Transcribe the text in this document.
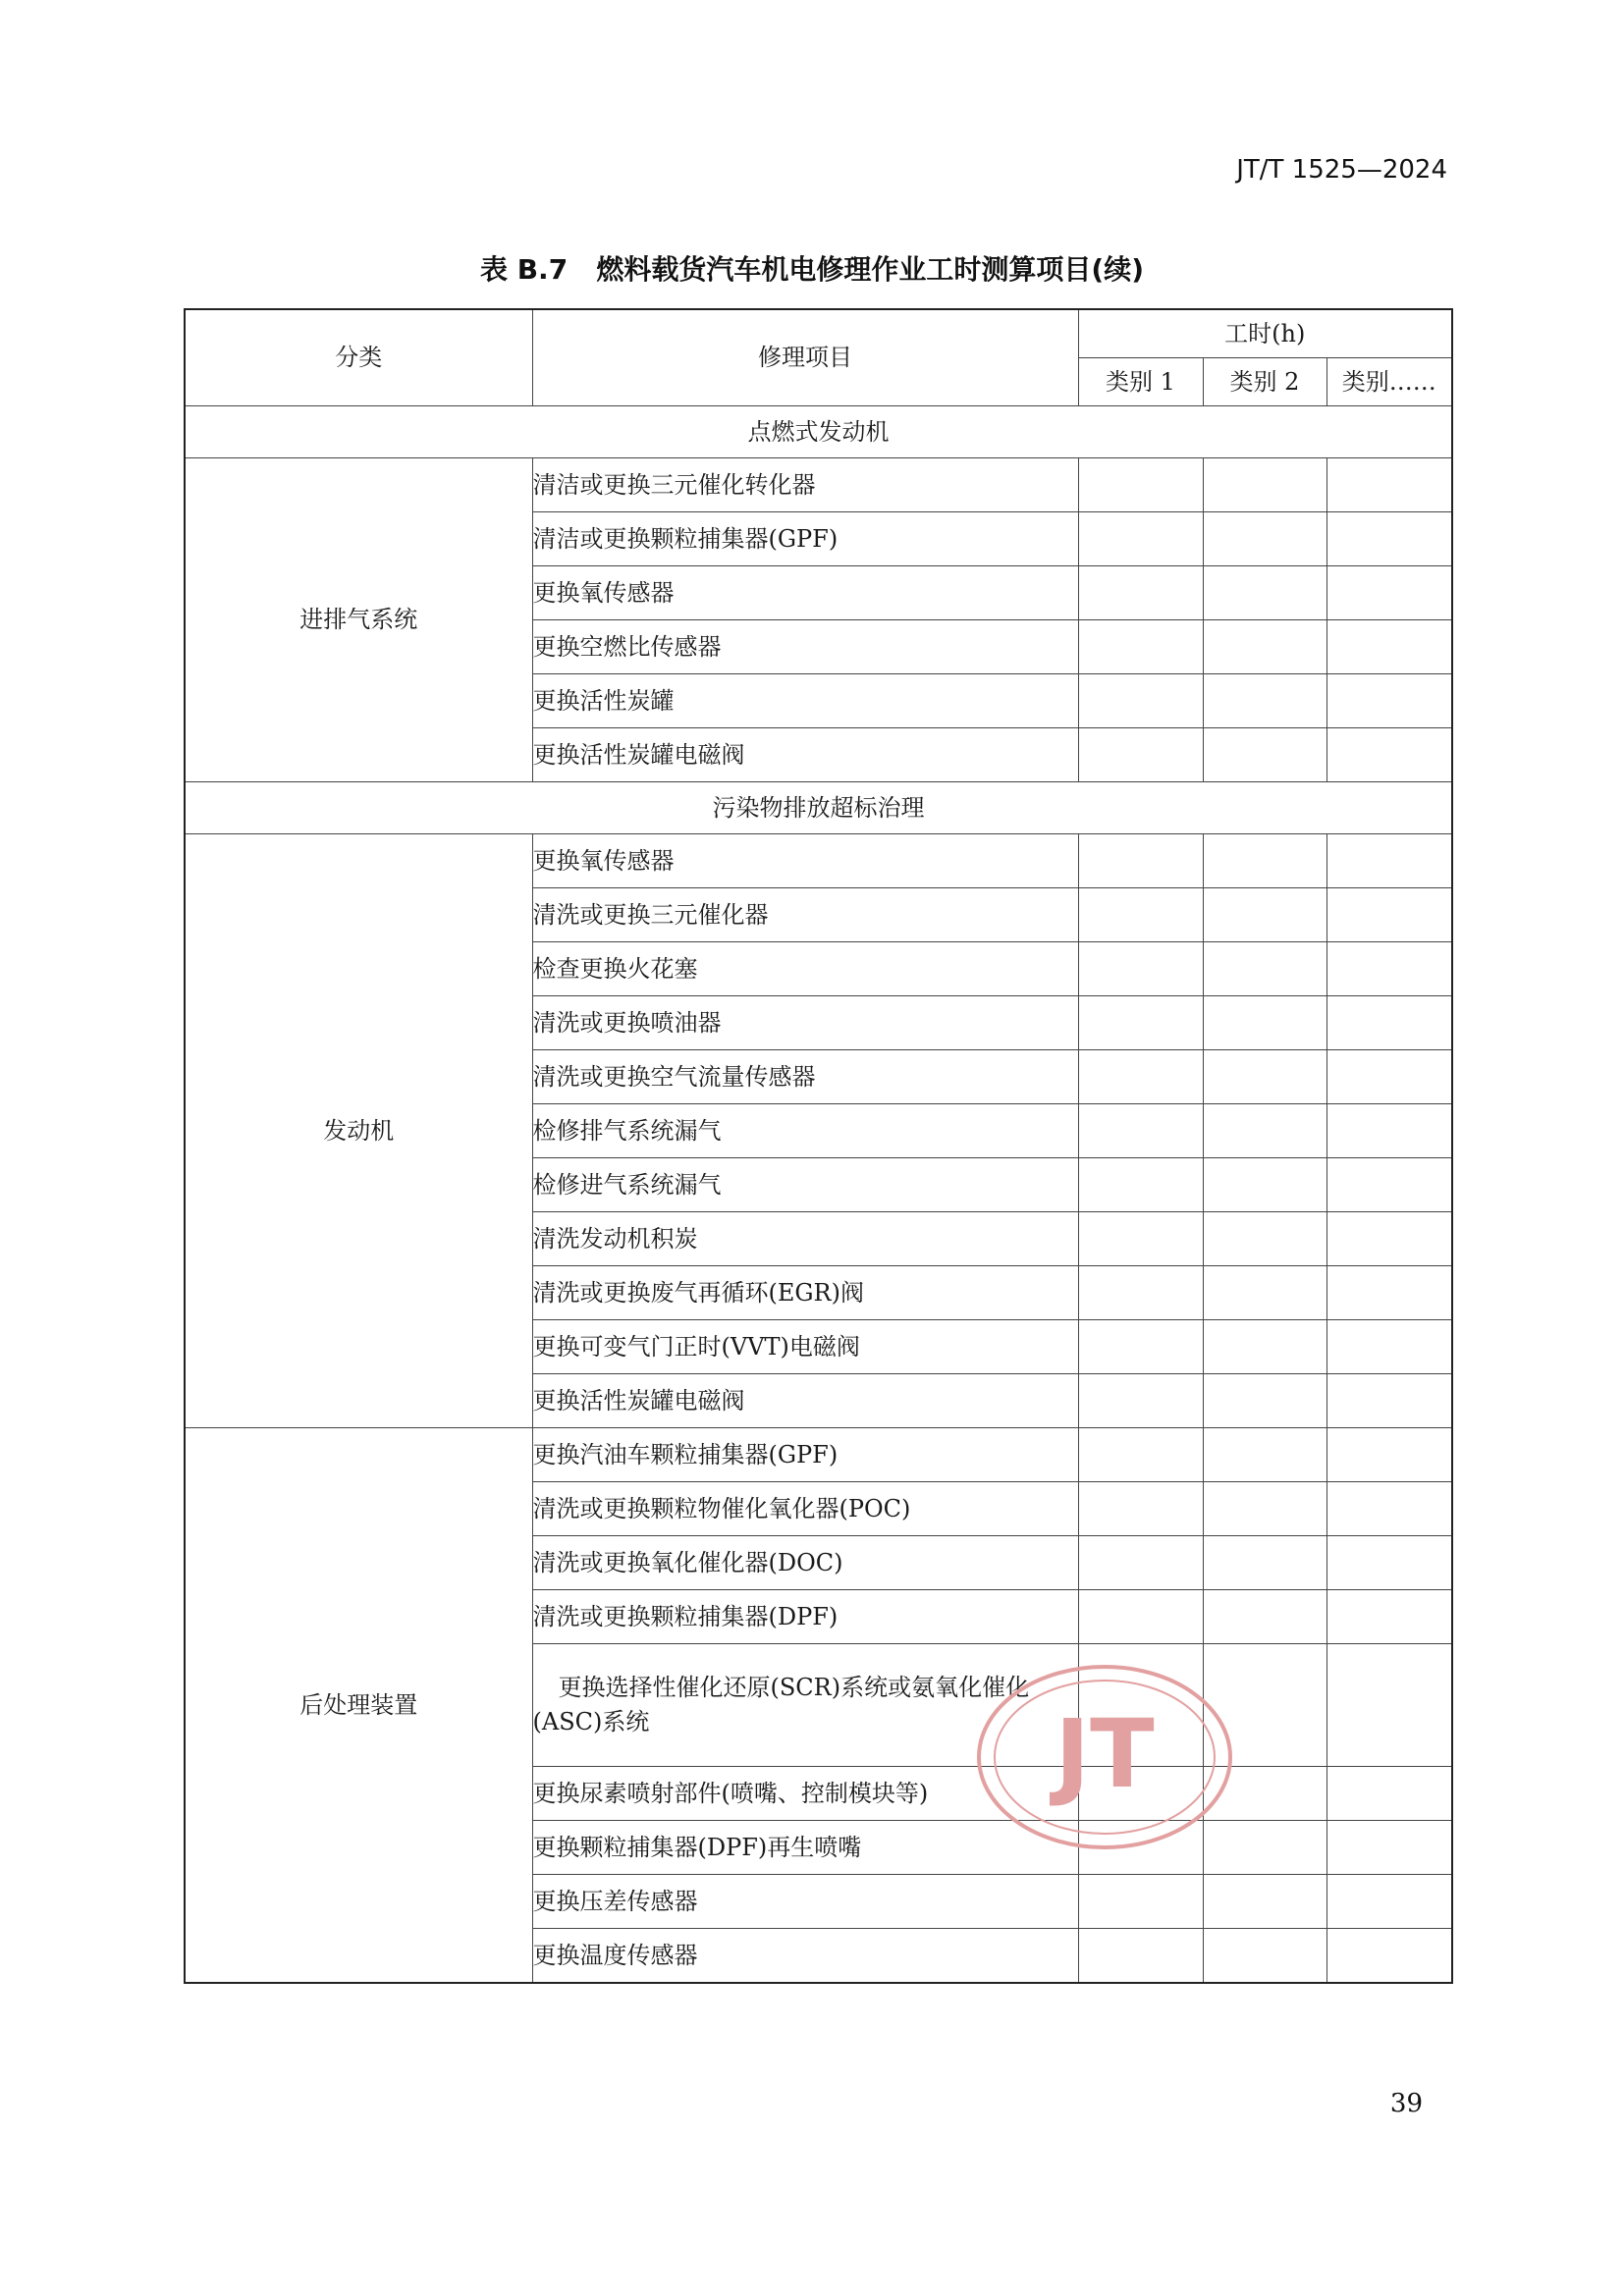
JT/T 1525—2024
表 B.7   燃料载货汽车机电修理作业工时测算项目(续)
分类	修理项目	工时(h)		
		类别 1	类别 2	类别……
点燃式发动机				
进排气系统	清洁或更换三元催化转化器			
	清洁或更换颗粒捕集器(GPF)			
	更换氧传感器			
	更换空燃比传感器			
	更换活性炭罐			
	更换活性炭罐电磁阀			
污染物排放超标治理				
发动机	更换氧传感器			
	清洗或更换三元催化器			
	检查更换火花塞			
	清洗或更换喷油器			
	清洗或更换空气流量传感器			
	检修排气系统漏气			
	检修进气系统漏气			
	清洗发动机积炭			
	清洗或更换废气再循环(EGR)阀			
	更换可变气门正时(VVT)电磁阀			
	更换活性炭罐电磁阀			
后处理装置	更换汽油车颗粒捕集器(GPF)			
	清洗或更换颗粒物催化氧化器(POC)			
	清洗或更换氧化催化器(DOC)			
	清洗或更换颗粒捕集器(DPF)			
	更换选择性催化还原(SCR)系统或氨氧化催化(ASC)系统			
	更换尿素喷射部件(喷嘴、控制模块等)			
	更换颗粒捕集器(DPF)再生喷嘴			
	更换压差传感器			
	更换温度传感器			
JT
39
